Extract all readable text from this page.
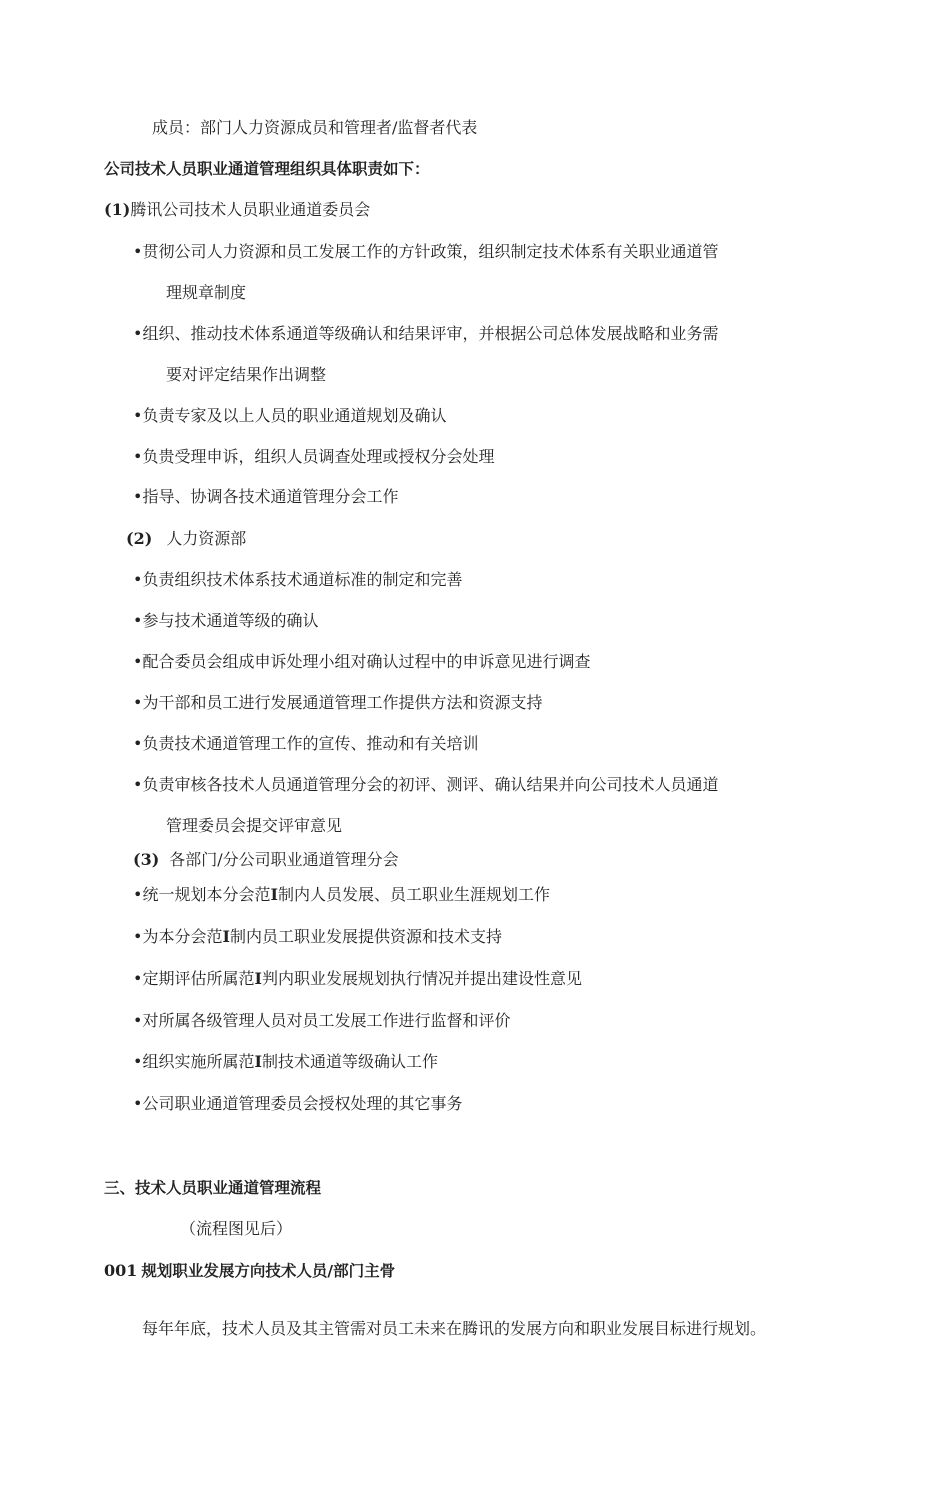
成员：部门人力资源成员和管理者/监督者代表
公司技术人员职业通道管理组织具体职责如下：
(1)腾讯公司技术人员职业通道委员会
•贯彻公司人力资源和员工发展工作的方针政策，组织制定技术体系有关职业通道管
理规章制度
•组织、推动技术体系通道等级确认和结果评审，并根据公司总体发展战略和业务需
要对评定结果作出调整
•负责专家及以上人员的职业通道规划及确认
•负贵受理申诉，组织人员调查处理或授权分会处理
•指导、协调各技术通道管理分会工作
(2) 人力资源部
•负责组织技术体系技术通道标准的制定和完善
•参与技术通道等级的确认
•配合委员会组成申诉处理小组对确认过程中的申诉意见进行调查
•为干部和员工进行发展通道管理工作提供方法和资源支持
•负责技术通道管理工作的宣传、推动和有关培训
•负责审核各技术人员通道管理分会的初评、测评、确认结果并向公司技术人员通道
管理委员会提交评审意见
(3) 各部门/分公司职业通道管理分会
•统一规划本分会范I制内人员发展、员工职业生涯规划工作
•为本分会范I制内员工职业发展提供资源和技术支持
•定期评估所属范I判内职业发展规划执行情况并提出建设性意见
•对所属各级管理人员对员工发展工作进行监督和评价
•组织实施所属范I制技术通道等级确认工作
•公司职业通道管理委员会授权处理的其它事务
三、技术人员职业通道管理流程
（流程图见后）
001 规划职业发展方向技术人员/部门主骨
每年年底，技术人员及其主管需对员工未来在腾讯的发展方向和职业发展目标进行规划。
